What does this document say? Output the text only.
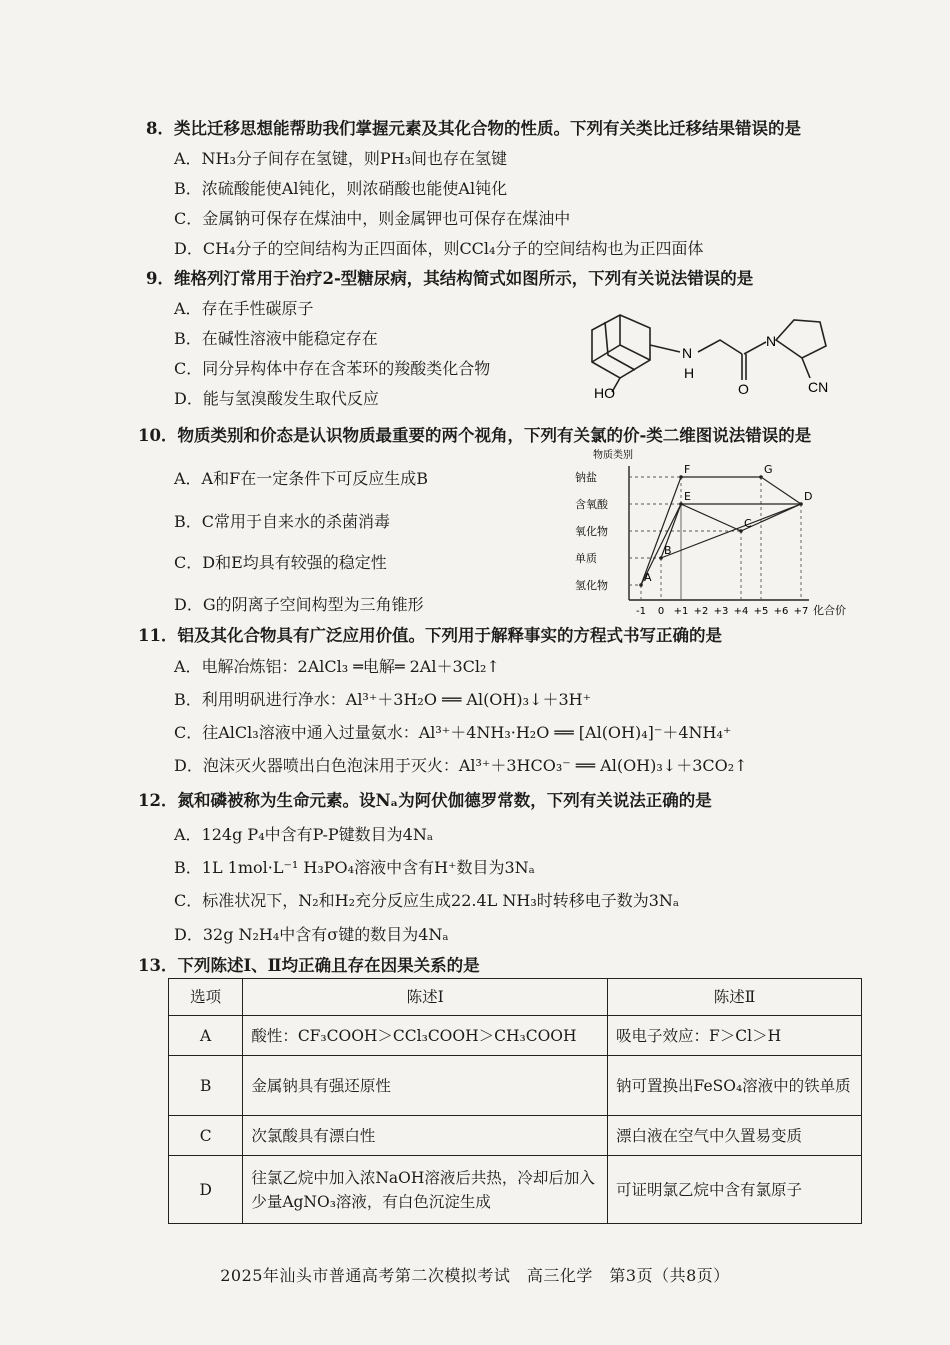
8．类比迁移思想能帮助我们掌握元素及其化合物的性质。下列有关类比迁移结果错误的是
A．NH₃分子间存在氢键，则PH₃间也存在氢键
B．浓硫酸能使Al钝化，则浓硝酸也能使Al钝化
C．金属钠可保存在煤油中，则金属钾也可保存在煤油中
D．CH₄分子的空间结构为正四面体，则CCl₄分子的空间结构也为正四面体
9．维格列汀常用于治疗2-型糖尿病，其结构简式如图所示，下列有关说法错误的是
A．存在手性碳原子
B．在碱性溶液中能稳定存在
C．同分异构体中存在含苯环的羧酸类化合物
D．能与氢溴酸发生取代反应
N
H
O
N
CN
HO
10．物质类别和价态是认识物质最重要的两个视角，下列有关氯的价-类二维图说法错误的是
A．A和F在一定条件下可反应生成B
B．C常用于自来水的杀菌消毒
C．D和E均具有较强的稳定性
D．G的阴离子空间构型为三角锥形
物质类别
化合价
氢化物
单质
氧化物
含氧酸
钠盐
-1 0 +1 +2 +3 +4 +5 +6 +7
A
B
C
D
E
F	G
11．铝及其化合物具有广泛应用价值。下列用于解释事实的方程式书写正确的是
A．电解冶炼铝：2AlCl₃ ═电解═ 2Al＋3Cl₂↑
B．利用明矾进行净水：Al³⁺＋3H₂O ══ Al(OH)₃↓＋3H⁺
C．往AlCl₃溶液中通入过量氨水：Al³⁺＋4NH₃·H₂O ══ [Al(OH)₄]⁻＋4NH₄⁺
D．泡沫灭火器喷出白色泡沫用于灭火：Al³⁺＋3HCO₃⁻ ══ Al(OH)₃↓＋3CO₂↑
12．氮和磷被称为生命元素。设Nₐ为阿伏伽德罗常数，下列有关说法正确的是
A．124g P₄中含有P-P键数目为4Nₐ
B．1L 1mol·L⁻¹ H₃PO₄溶液中含有H⁺数目为3Nₐ
C．标准状况下，N₂和H₂充分反应生成22.4L NH₃时转移电子数为3Nₐ
D．32g N₂H₄中含有σ键的数目为4Nₐ
13．下列陈述Ⅰ、Ⅱ均正确且存在因果关系的是
选项	陈述Ⅰ	陈述Ⅱ
A	酸性：CF₃COOH＞CCl₃COOH＞CH₃COOH	吸电子效应：F＞Cl＞H
B	金属钠具有强还原性	钠可置换出FeSO₄溶液中的铁单质
C	次氯酸具有漂白性	漂白液在空气中久置易变质
D	往氯乙烷中加入浓NaOH溶液后共热，冷却后加入少量AgNO₃溶液，有白色沉淀生成	可证明氯乙烷中含有氯原子
2025年汕头市普通高考第二次模拟考试　高三化学　第3页（共8页）
